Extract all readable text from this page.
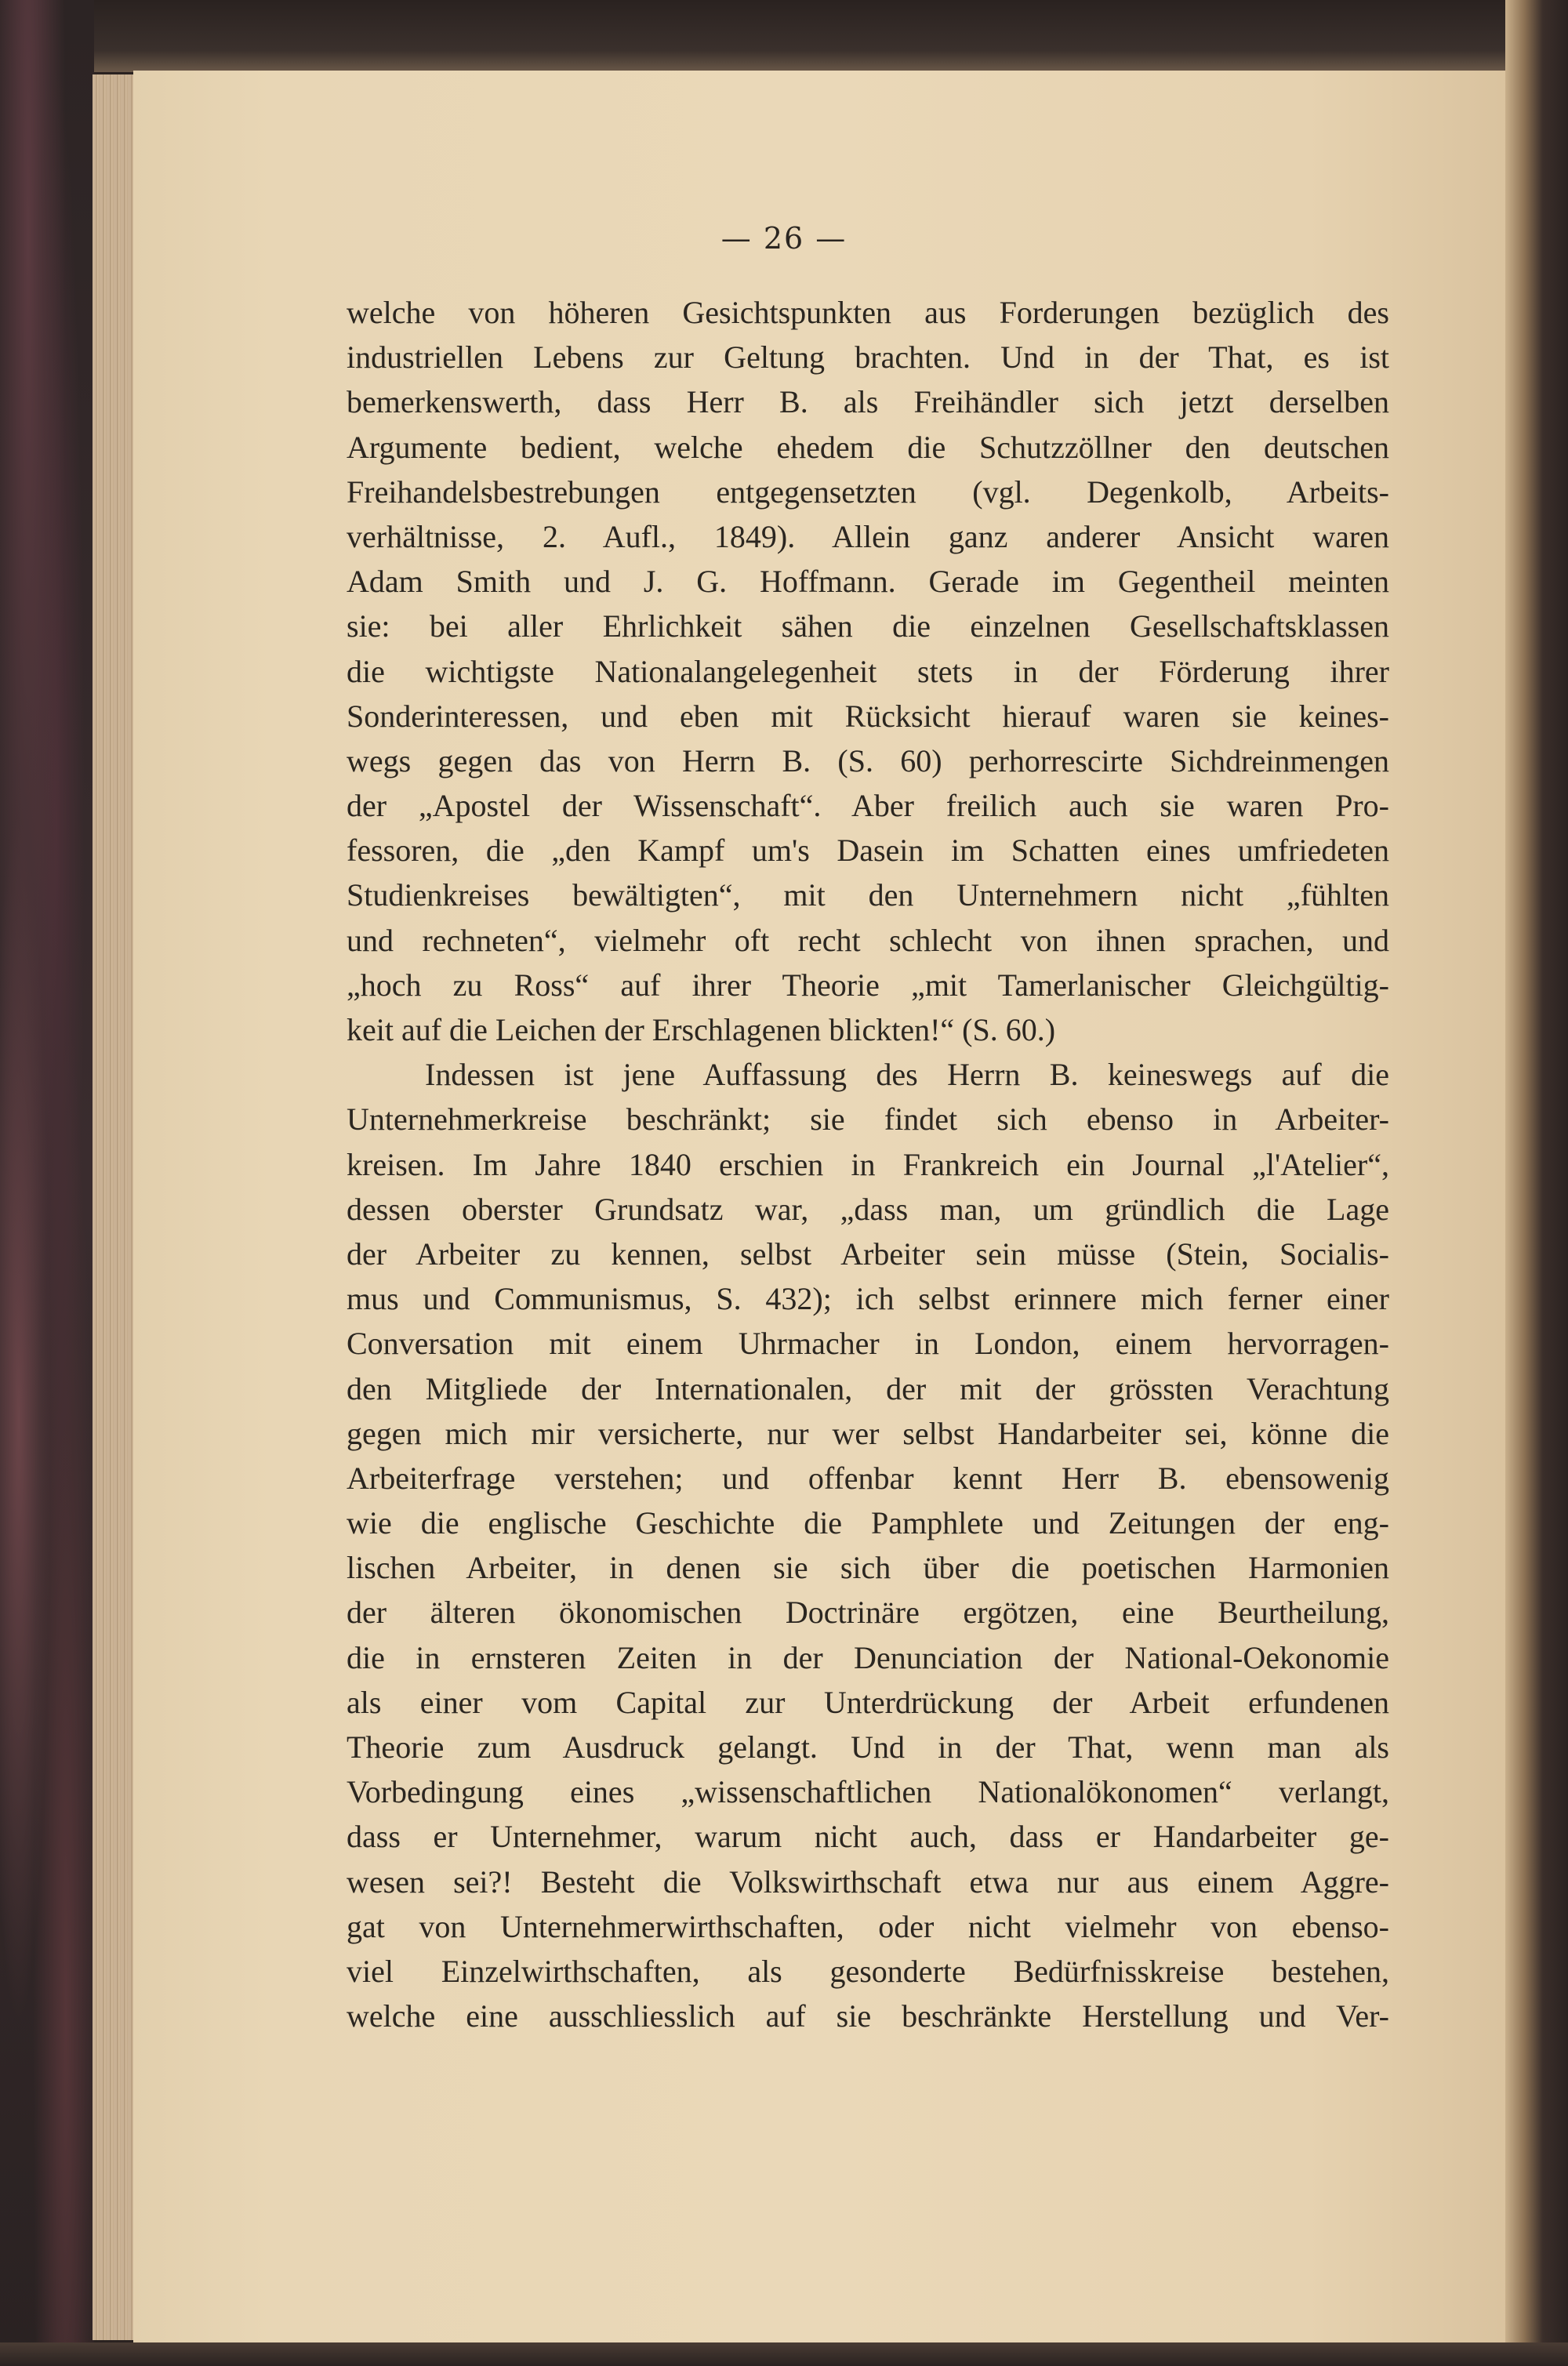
— 26 —
welche von höheren Gesichtspunkten aus Forderungen bezüglich des
industriellen Lebens zur Geltung brachten. Und in der That, es ist
bemerkenswerth, dass Herr B. als Freihändler sich jetzt derselben
Argumente bedient, welche ehedem die Schutzzöllner den deutschen
Freihandelsbestrebungen entgegensetzten (vgl. Degenkolb, Arbeits-
verhältnisse, 2. Aufl., 1849). Allein ganz anderer Ansicht waren
Adam Smith und J. G. Hoffmann. Gerade im Gegentheil meinten
sie: bei aller Ehrlichkeit sähen die einzelnen Gesellschaftsklassen
die wichtigste Nationalangelegenheit stets in der Förderung ihrer
Sonderinteressen, und eben mit Rücksicht hierauf waren sie keines-
wegs gegen das von Herrn B. (S. 60) perhorrescirte Sichdreinmengen
der „Apostel der Wissenschaft“. Aber freilich auch sie waren Pro-
fessoren, die „den Kampf um's Dasein im Schatten eines umfriedeten
Studienkreises bewältigten“, mit den Unternehmern nicht „fühlten
und rechneten“, vielmehr oft recht schlecht von ihnen sprachen, und
„hoch zu Ross“ auf ihrer Theorie „mit Tamerlanischer Gleichgültig-
keit auf die Leichen der Erschlagenen blickten!“ (S. 60.)
Indessen ist jene Auffassung des Herrn B. keineswegs auf die
Unternehmerkreise beschränkt; sie findet sich ebenso in Arbeiter-
kreisen. Im Jahre 1840 erschien in Frankreich ein Journal „l'Atelier“,
dessen oberster Grundsatz war, „dass man, um gründlich die Lage
der Arbeiter zu kennen, selbst Arbeiter sein müsse (Stein, Socialis-
mus und Communismus, S. 432); ich selbst erinnere mich ferner einer
Conversation mit einem Uhrmacher in London, einem hervorragen-
den Mitgliede der Internationalen, der mit der grössten Verachtung
gegen mich mir versicherte, nur wer selbst Handarbeiter sei, könne die
Arbeiterfrage verstehen; und offenbar kennt Herr B. ebensowenig
wie die englische Geschichte die Pamphlete und Zeitungen der eng-
lischen Arbeiter, in denen sie sich über die poetischen Harmonien
der älteren ökonomischen Doctrinäre ergötzen, eine Beurtheilung,
die in ernsteren Zeiten in der Denunciation der National-Oekonomie
als einer vom Capital zur Unterdrückung der Arbeit erfundenen
Theorie zum Ausdruck gelangt. Und in der That, wenn man als
Vorbedingung eines „wissenschaftlichen Nationalökonomen“ verlangt,
dass er Unternehmer, warum nicht auch, dass er Handarbeiter ge-
wesen sei?! Besteht die Volkswirthschaft etwa nur aus einem Aggre-
gat von Unternehmerwirthschaften, oder nicht vielmehr von ebenso-
viel Einzelwirthschaften, als gesonderte Bedürfnisskreise bestehen,
welche eine ausschliesslich auf sie beschränkte Herstellung und Ver-
